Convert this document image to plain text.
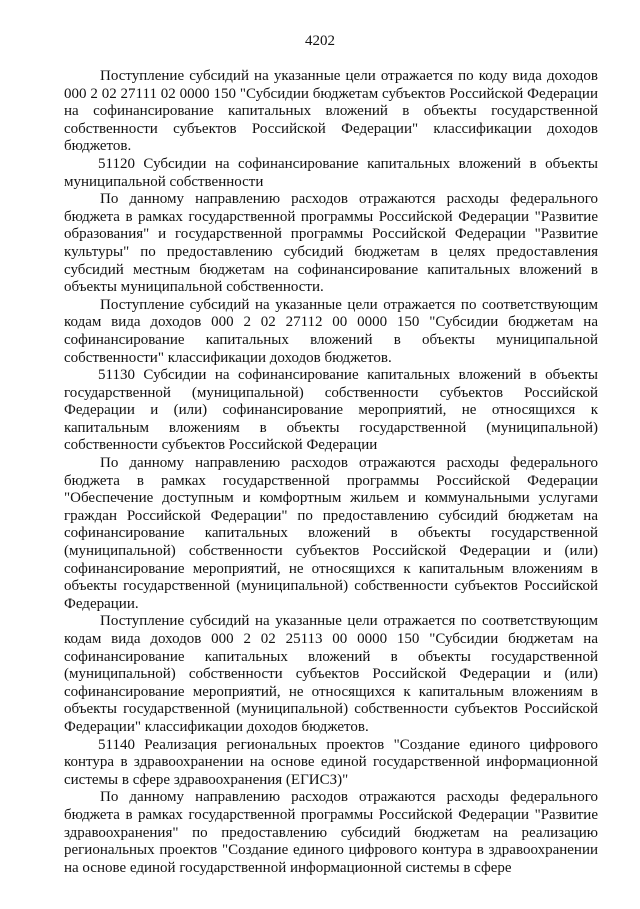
4202

Поступление субсидий на указанные цели отражается по коду вида доходов 000 2 02 27111 02 0000 150 "Субсидии бюджетам субъектов Российской Федерации на софинансирование капитальных вложений в объекты государственной собственности субъектов Российской Федерации" классификации доходов бюджетов.

51120 Субсидии на софинансирование капитальных вложений в объекты муниципальной собственности

По данному направлению расходов отражаются расходы федерального бюджета в рамках государственной программы Российской Федерации "Развитие образования" и государственной программы Российской Федерации "Развитие культуры" по предоставлению субсидий бюджетам в целях предоставления субсидий местным бюджетам на софинансирование капитальных вложений в объекты муниципальной собственности.

Поступление субсидий на указанные цели отражается по соответствующим кодам вида доходов 000 2 02 27112 00 0000 150 "Субсидии бюджетам на софинансирование капитальных вложений в объекты муниципальной собственности" классификации доходов бюджетов.

51130 Субсидии на софинансирование капитальных вложений в объекты государственной (муниципальной) собственности субъектов Российской Федерации и (или) софинансирование мероприятий, не относящихся к капитальным вложениям в объекты государственной (муниципальной) собственности субъектов Российской Федерации

По данному направлению расходов отражаются расходы федерального бюджета в рамках государственной программы Российской Федерации "Обеспечение доступным и комфортным жильем и коммунальными услугами граждан Российской Федерации" по предоставлению субсидий бюджетам на софинансирование капитальных вложений в объекты государственной (муниципальной) собственности субъектов Российской Федерации и (или) софинансирование мероприятий, не относящихся к капитальным вложениям в объекты государственной (муниципальной) собственности субъектов Российской Федерации.

Поступление субсидий на указанные цели отражается по соответствующим кодам вида доходов 000 2 02 25113 00 0000 150 "Субсидии бюджетам на софинансирование капитальных вложений в объекты государственной (муниципальной) собственности субъектов Российской Федерации и (или) софинансирование мероприятий, не относящихся к капитальным вложениям в объекты государственной (муниципальной) собственности субъектов Российской Федерации" классификации доходов бюджетов.

51140 Реализация региональных проектов "Создание единого цифрового контура в здравоохранении на основе единой государственной информационной системы в сфере здравоохранения (ЕГИСЗ)"

По данному направлению расходов отражаются расходы федерального бюджета в рамках государственной программы Российской Федерации "Развитие здравоохранения" по предоставлению субсидий бюджетам на реализацию региональных проектов "Создание единого цифрового контура в здравоохранении на основе единой государственной информационной системы в сфере
